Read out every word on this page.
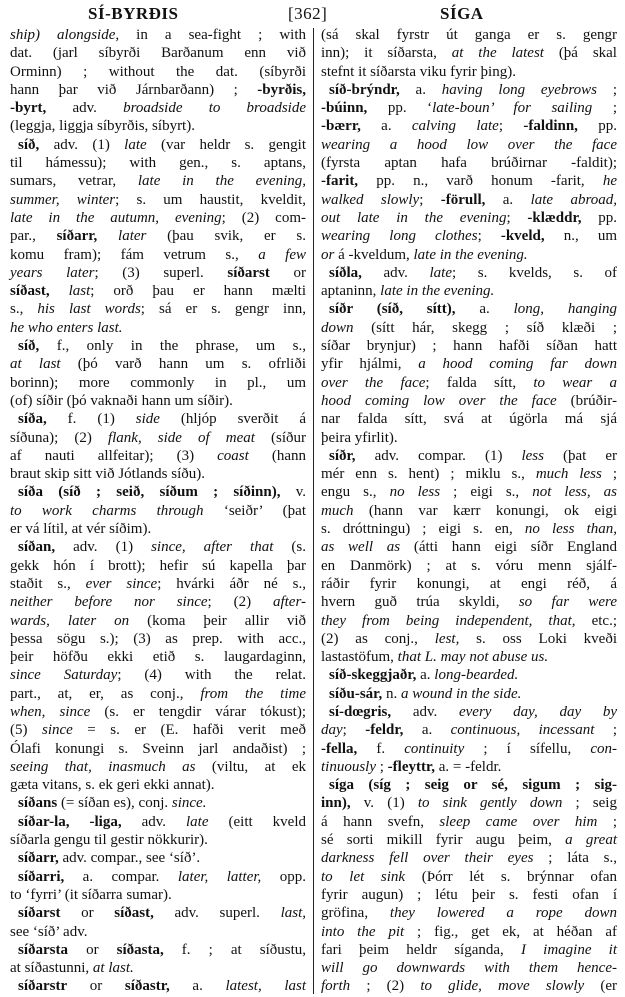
SÍ-BYRÐIS	[362]	SÍGA
ship) alongside, in a sea-fight ; with
dat. (jarl síbyrði Barðanum enn við
Orminn) ; without the dat. (síbyrði
hann þar við Járnbarðann) ; -byrðis,
-byrt, adv. broadside to broadside
(leggja, liggja síbyrðis, síbyrt).
síð, adv. (1) late (var heldr s. gengit
til hámessu); with gen., s. aptans,
sumars, vetrar, late in the evening,
summer, winter; s. um haustit, kveldit,
late in the autumn, evening; (2) com-
par., síðarr, later (þau svik, er s.
komu fram); fám vetrum s., a few
years later; (3) superl. síðarst or
síðast, last; orð þau er hann mælti
s., his last words; sá er s. gengr inn,
he who enters last.
síð, f., only in the phrase, um s.,
at last (þó varð hann um s. ofrliði
borinn); more commonly in pl., um
(of) síðir (þó vaknaði hann um síðir).
síða, f. (1) side (hljóp sverðit á
síðuna); (2) flank, side of meat (síður
af nauti allfeitar); (3) coast (hann
braut skip sitt við Jótlands síðu).
síða (síð ; seið, síðum ; síðinn), v.
to work charms through ‘seiðr’ (þat
er vá lítil, at vér síðim).
síðan, adv. (1) since, after that (s.
gekk hón í brott); hefir sú kapella þar
staðit s., ever since; hvárki áðr né s.,
neither before nor since; (2) after-
wards, later on (koma þeir allir við
þessa sögu s.); (3) as prep. with acc.,
þeir höfðu ekki etið s. laugardaginn,
since Saturday; (4) with the relat.
part., at, er, as conj., from the time
when, since (s. er tengdir várar tókust);
(5) since = s. er (E. hafði verit með
Ólafi konungi s. Sveinn jarl andaðist) ;
seeing that, inasmuch as (viltu, at ek
gæta vitans, s. ek geri ekki annat).
síðans (= síðan es), conj. since.
síðar-la, -liga, adv. late (eitt kveld
síðarla gengu til gestir nökkurir).
síðarr, adv. compar., see ‘síð’.
síðarri, a. compar. later, latter, opp.
to ‘fyrri’ (it síðarra sumar).
síðarst or síðast, adv. superl. last,
see ‘síð’ adv.
síðarsta or síðasta, f. ; at síðustu,
at síðastunni, at last.
síðarstr or síðastr, a. latest, last
(sá skal fyrstr út ganga er s. gengr
inn); it síðarsta, at the latest (þá skal
stefnt it síðarsta viku fyrir þing).
síð-brýndr, a. having long eyebrows ;
-búinn, pp. ‘late-boun’ for sailing ;
-bærr, a. calving late; -faldinn, pp.
wearing a hood low over the face
(fyrsta aptan hafa brúðirnar -faldit);
-farit, pp. n., varð honum -farit, he
walked slowly; -förull, a. late abroad,
out late in the evening; -klæddr, pp.
wearing long clothes; -kveld, n., um
or á -kveldum, late in the evening.
síðla, adv. late; s. kvelds, s. of
aptaninn, late in the evening.
síðr (síð, sítt), a. long, hanging
down (sítt hár, skegg ; síð klæði ;
síðar brynjur) ; hann hafði síðan hatt
yfir hjálmi, a hood coming far down
over the face; falda sítt, to wear a
hood coming low over the face (brúðir-
nar falda sítt, svá at úgörla má sjá
þeira yfirlit).
síðr, adv. compar. (1) less (þat er
mér enn s. hent) ; miklu s., much less ;
engu s., no less ; eigi s., not less, as
much (hann var kærr konungi, ok eigi
s. dróttningu) ; eigi s. en, no less than,
as well as (átti hann eigi síðr England
en Danmörk) ; at s. vóru menn sjálf-
ráðir fyrir konungi, at engi réð, á
hvern guð trúa skyldi, so far were
they from being independent, that, etc.;
(2) as conj., lest, s. oss Loki kveði
lastastöfum, that L. may not abuse us.
síð-skeggjaðr, a. long-bearded.
síðu-sár, n. a wound in the side.
sí-dœgris, adv. every day, day by
day; -feldr, a. continuous, incessant ;
-fella, f. continuity ; í sífellu, con-
tinuously ; -fleyttr, a. = -feldr.
síga (síg ; seig or sé, sigum ; sig-
inn), v. (1) to sink gently down ; seig
á hann svefn, sleep came over him ;
sé sorti mikill fyrir augu þeim, a great
darkness fell over their eyes ; láta s.,
to let sink (Þórr lét s. brýnnar ofan
fyrir augun) ; létu þeir s. festi ofan í
gröfina, they lowered a rope down
into the pit ; fig., get ek, at héðan af
fari þeim heldr síganda, I imagine it
will go downwards with them hence-
forth ; (2) to glide, move slowly (er
